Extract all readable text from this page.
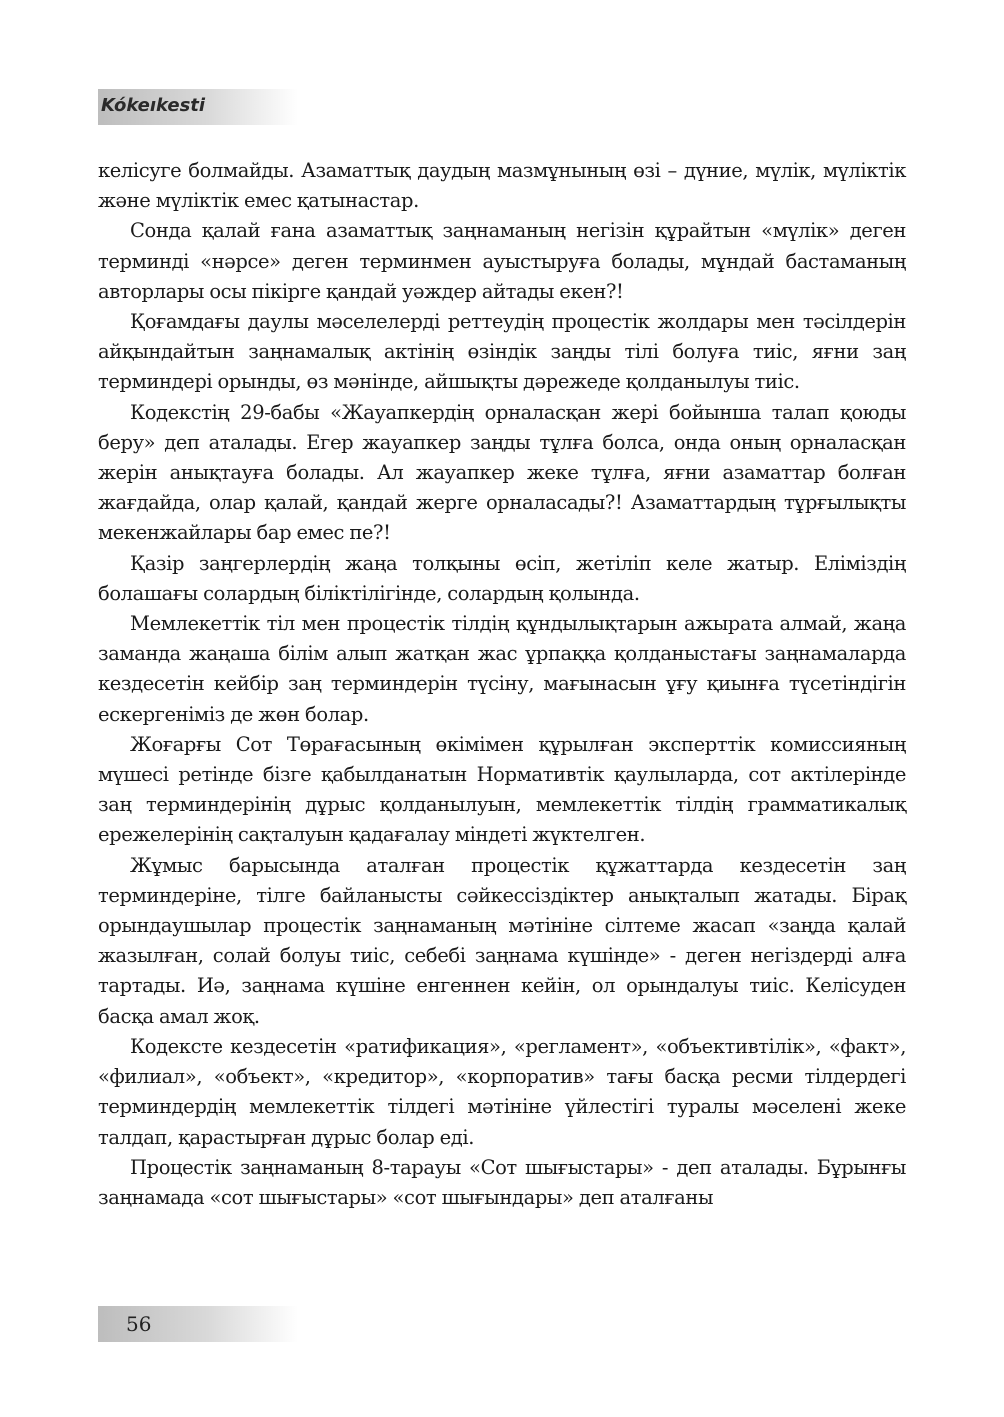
Kókeıkesti

келісуге болмайды. Азаматтық даудың мазмұнының өзі – дүние, мүлік, мүліктік және мүліктік емес қатынастар.

Сонда қалай ғана азаматтық заңнаманың негізін құрайтын «мүлік» деген терминді «нәрсе» деген терминмен ауыстыруға болады, мұндай бастаманың авторлары осы пікірге қандай уәждер айтады екен?!

Қоғамдағы даулы мәселелерді реттеудің процестік жолдары мен тәсілдерін айқындайтын заңнамалық актінің өзіндік заңды тілі болуға тиіс, яғни заң терминдері орынды, өз мәнінде, айшықты дәрежеде қолданылуы тиіс.

Кодекстің 29-бабы «Жауапкердің орналасқан жері бойынша талап қоюды беру» деп аталады. Егер жауапкер заңды тұлға болса, онда оның орналасқан жерін анықтауға болады. Ал жауапкер жеке тұлға, яғни азаматтар болған жағдайда, олар қалай, қандай жерге орналасады?! Азаматтардың тұрғылықты мекенжайлары бар емес пе?!

Қазір заңгерлердің жаңа толқыны өсіп, жетіліп келе жатыр. Еліміздің болашағы солардың біліктілігінде, солардың қолында.

Мемлекеттік тіл мен процестік тілдің құндылықтарын ажырата алмай, жаңа заманда жаңаша білім алып жатқан жас ұрпаққа қолданыстағы заңнамаларда кездесетін кейбір заң терминдерін түсіну, мағынасын ұғу қиынға түсетіндігін ескергеніміз де жөн болар.

Жоғарғы Сот Төрағасының өкімімен құрылған эксперттік комиссияның мүшесі ретінде бізге қабылданатын Нормативтік қаулыларда, сот актілерінде заң терминдерінің дұрыс қолданылуын, мемлекеттік тілдің грамматикалық ережелерінің сақталуын қадағалау міндеті жүктелген.

Жұмыс барысында аталған процестік құжаттарда кездесетін заң терминдеріне, тілге байланысты сәйкессіздіктер анықталып жатады. Бірақ орындаушылар процестік заңнаманың мәтініне сілтеме жасап «заңда қалай жазылған, солай болуы тиіс, себебі заңнама күшінде» - деген негіздерді алға тартады. Иә, заңнама күшіне енгеннен кейін, ол орындалуы тиіс. Келісуден басқа амал жоқ.

Кодексте кездесетін «ратификация», «регламент», «объективтілік», «факт», «филиал», «объект», «кредитор», «корпоратив» тағы басқа ресми тілдердегі терминдердің мемлекеттік тілдегі мәтініне үйлестігі туралы мәселені жеке талдап, қарастырған дұрыс болар еді.

Процестік заңнаманың 8-тарауы «Сот шығыстары» - деп аталады. Бұрынғы заңнамада «сот шығыстары» «сот шығындары» деп аталғаны

56
